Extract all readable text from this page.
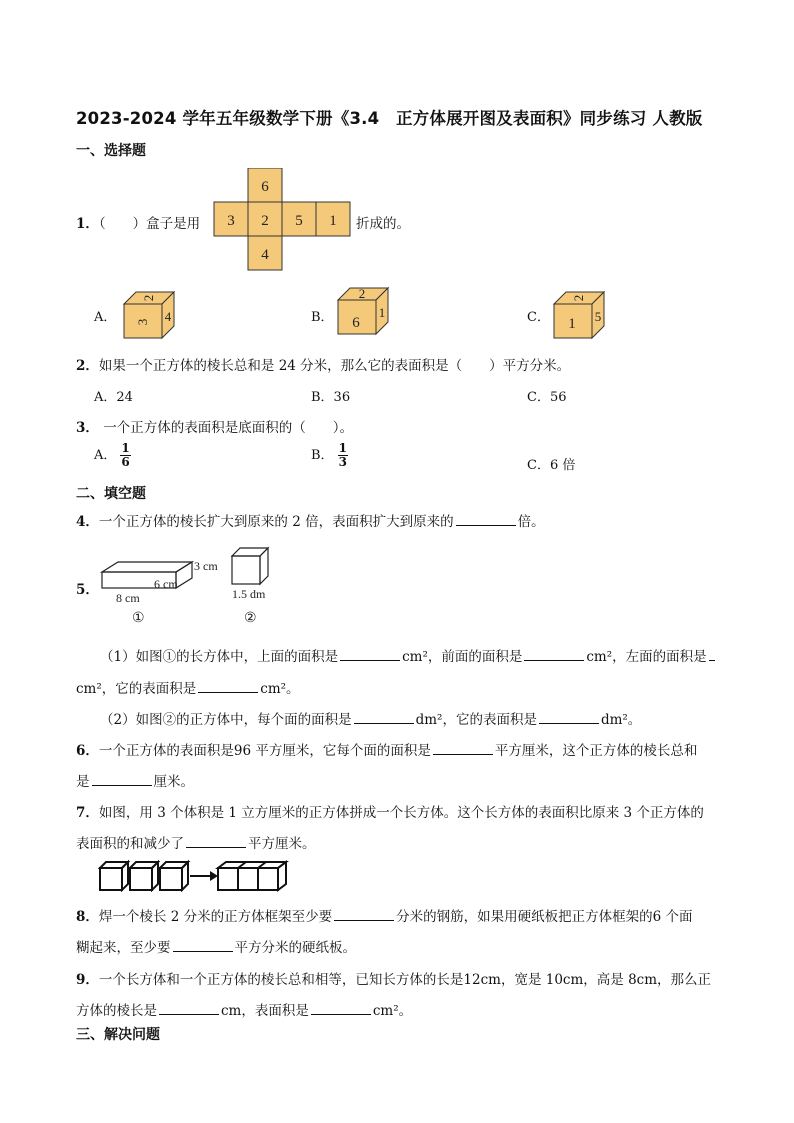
2023-2024 学年五年级数学下册《3.4　正方体展开图及表面积》同步练习 人教版
一、选择题
1．（　　）盒子是用
6
3 2 5 1
4
折成的。
A． 3
2
4	B． 6
2
1	C． 1
2
5
2．如果一个正方体的棱长总和是 24 分米，那么它的表面积是（　　）平方分米。
A．24	B．36	C．56
3． 一个正方体的表面积是底面积的（　　）。
A． $\frac{1}{6}$	B． $\frac{1}{3}$	C．6 倍
二、填空题
4．一个正方体的棱长扩大到原来的 2 倍，表面积扩大到原来的	倍。
5．
3 cm
6 cm
8 cm
①
1.5 dm
②
（1）如图①的长方体中，上面的面积是	cm²，前面的面积是	cm²，左面的面积是
cm²，它的表面积是	cm²。
（2）如图②的正方体中，每个面的面积是	dm²，它的表面积是	dm²。
6．一个正方体的表面积是96 平方厘米，它每个面的面积是	平方厘米，这个正方体的棱长总和
是	厘米。
7．如图，用 3 个体积是 1 立方厘米的正方体拼成一个长方体。这个长方体的表面积比原来 3 个正方体的
表面积的和减少了	平方厘米。
8．焊一个棱长 2 分米的正方体框架至少要	分米的钢筋，如果用硬纸板把正方体框架的6 个面
糊起来，至少要	平方分米的硬纸板。
9．一个长方体和一个正方体的棱长总和相等，已知长方体的长是12cm，宽是 10cm，高是 8cm，那么正
方体的棱长是	cm，表面积是	cm²。
三、解决问题
